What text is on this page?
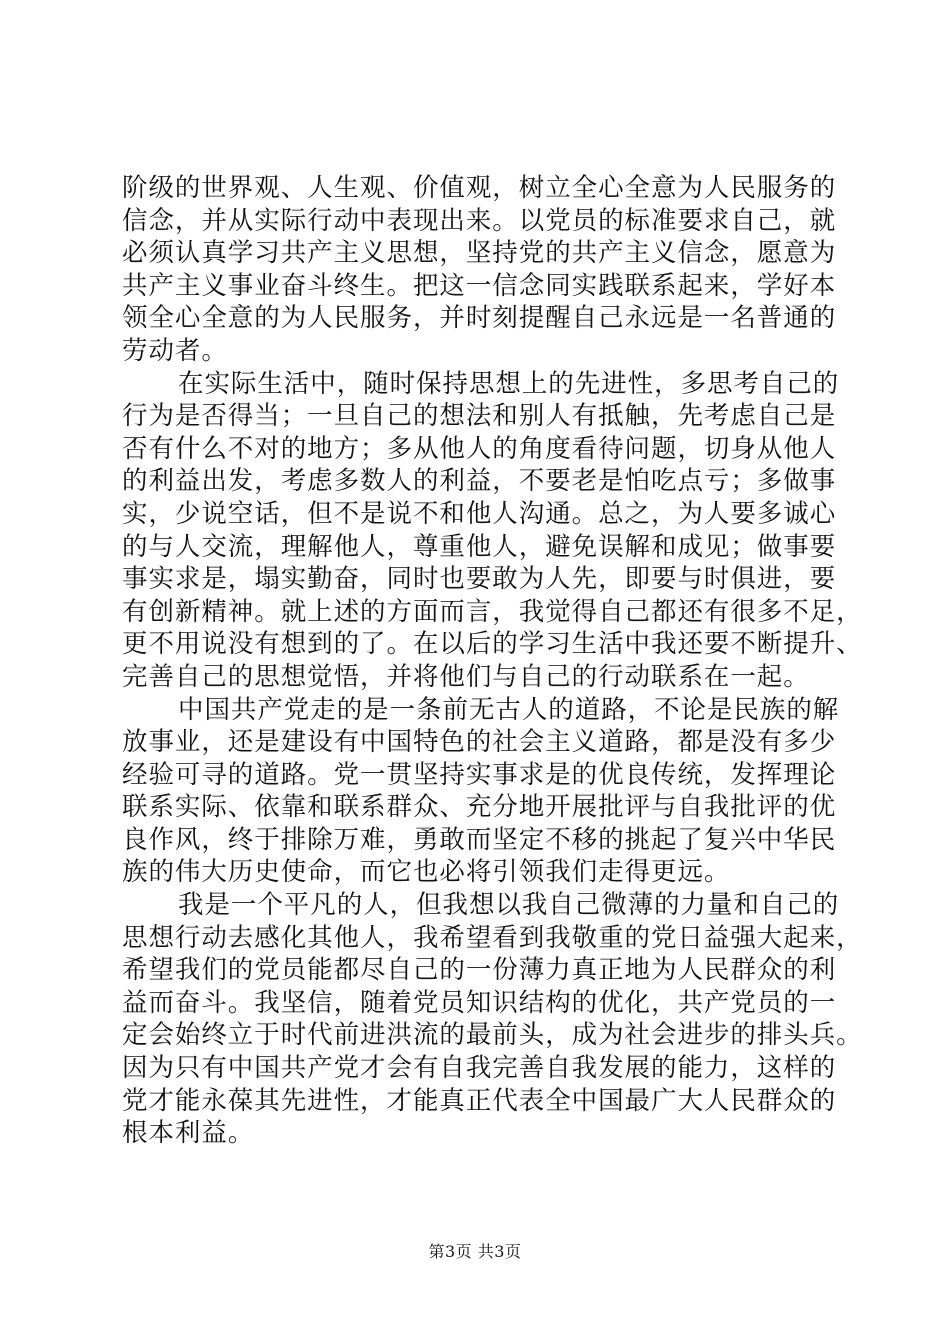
阶级的世界观、人生观、价值观，树立全心全意为人民服务的
信念，并从实际行动中表现出来。以党员的标准要求自己，就
必须认真学习共产主义思想，坚持党的共产主义信念，愿意为
共产主义事业奋斗终生。把这一信念同实践联系起来，学好本
领全心全意的为人民服务，并时刻提醒自己永远是一名普通的
劳动者。
在实际生活中，随时保持思想上的先进性，多思考自己的
行为是否得当；一旦自己的想法和别人有抵触，先考虑自己是
否有什么不对的地方；多从他人的角度看待问题，切身从他人
的利益出发，考虑多数人的利益，不要老是怕吃点亏；多做事
实，少说空话，但不是说不和他人沟通。总之，为人要多诚心
的与人交流，理解他人，尊重他人，避免误解和成见；做事要
事实求是，塌实勤奋，同时也要敢为人先，即要与时俱进，要
有创新精神。就上述的方面而言，我觉得自己都还有很多不足，
更不用说没有想到的了。在以后的学习生活中我还要不断提升、
完善自己的思想觉悟，并将他们与自己的行动联系在一起。
中国共产党走的是一条前无古人的道路，不论是民族的解
放事业，还是建设有中国特色的社会主义道路，都是没有多少
经验可寻的道路。党一贯坚持实事求是的优良传统，发挥理论
联系实际、依靠和联系群众、充分地开展批评与自我批评的优
良作风，终于排除万难，勇敢而坚定不移的挑起了复兴中华民
族的伟大历史使命，而它也必将引领我们走得更远。
我是一个平凡的人，但我想以我自己微薄的力量和自己的
思想行动去感化其他人，我希望看到我敬重的党日益强大起来，
希望我们的党员能都尽自己的一份薄力真正地为人民群众的利
益而奋斗。我坚信，随着党员知识结构的优化，共产党员的一
定会始终立于时代前进洪流的最前头，成为社会进步的排头兵。
因为只有中国共产党才会有自我完善自我发展的能力，这样的
党才能永葆其先进性，才能真正代表全中国最广大人民群众的
根本利益。
第3页 共3页
